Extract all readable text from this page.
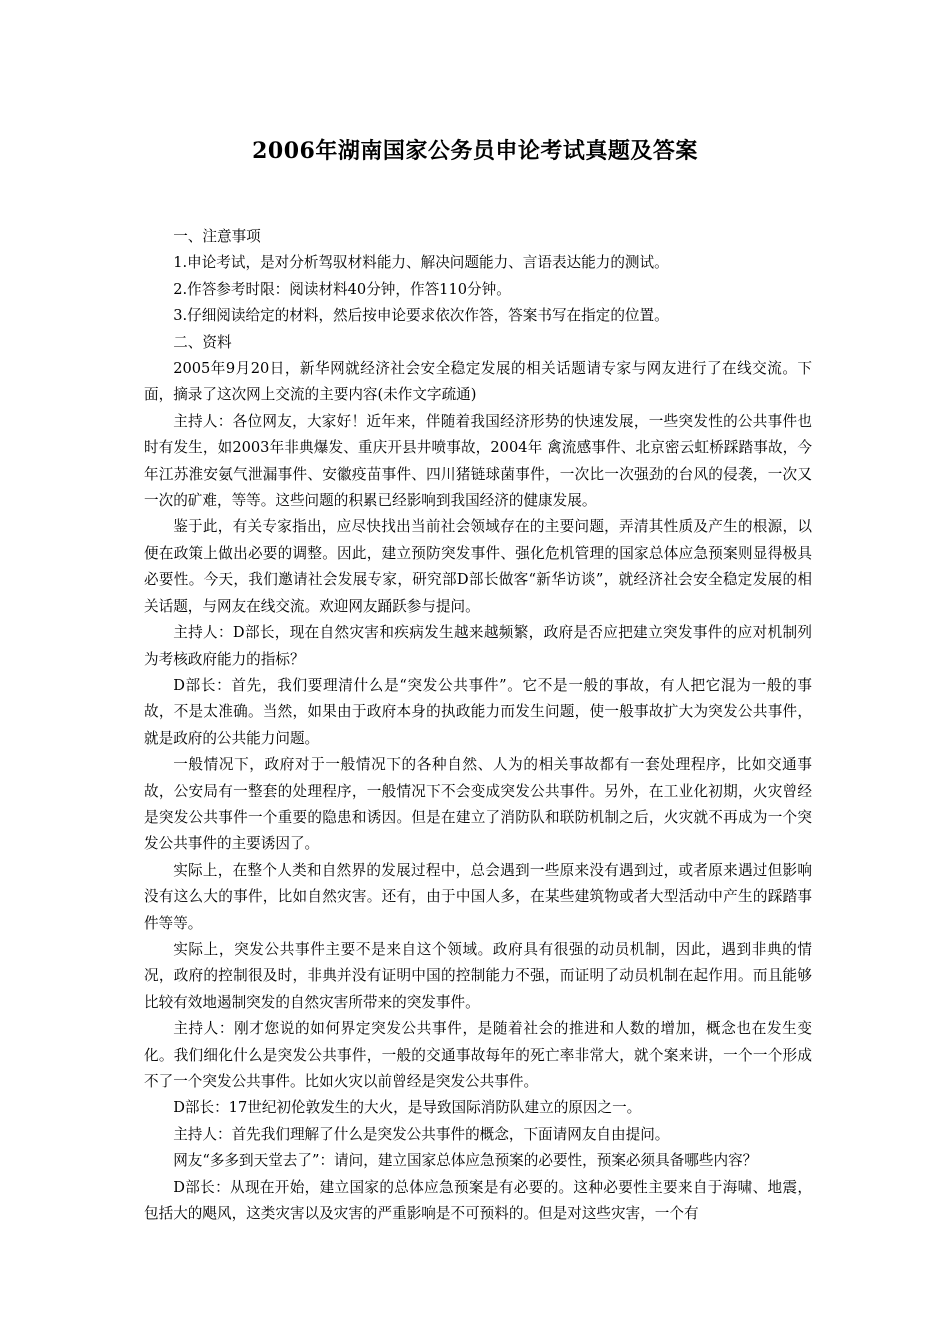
2006年湖南国家公务员申论考试真题及答案

一、注意事项

1.申论考试，是对分析驾驭材料能力、解决问题能力、言语表达能力的测试。

2.作答参考时限：阅读材料40分钟，作答110分钟。

3.仔细阅读给定的材料，然后按申论要求依次作答，答案书写在指定的位置。

二、资料

2005年9月20日，新华网就经济社会安全稳定发展的相关话题请专家与网友进行了在线交流。下面，摘录了这次网上交流的主要内容(未作文字疏通)

主持人：各位网友，大家好！近年来，伴随着我国经济形势的快速发展，一些突发性的公共事件也时有发生，如2003年非典爆发、重庆开县井喷事故，2004年 禽流感事件、北京密云虹桥踩踏事故，今年江苏淮安氨气泄漏事件、安徽疫苗事件、四川猪链球菌事件，一次比一次强劲的台风的侵袭，一次又一次的矿难，等等。这些问题的积累已经影响到我国经济的健康发展。

鉴于此，有关专家指出，应尽快找出当前社会领域存在的主要问题，弄清其性质及产生的根源，以便在政策上做出必要的调整。因此，建立预防突发事件、强化危机管理的国家总体应急预案则显得极具必要性。今天，我们邀请社会发展专家，研究部D部长做客“新华访谈”，就经济社会安全稳定发展的相关话题，与网友在线交流。欢迎网友踊跃参与提问。

主持人：D部长，现在自然灾害和疾病发生越来越频繁，政府是否应把建立突发事件的应对机制列为考核政府能力的指标？

D部长：首先，我们要理清什么是“突发公共事件”。它不是一般的事故，有人把它混为一般的事故，不是太准确。当然，如果由于政府本身的执政能力而发生问题，使一般事故扩大为突发公共事件， 就是政府的公共能力问题。

一般情况下，政府对于一般情况下的各种自然、人为的相关事故都有一套处理程序，比如交通事故，公安局有一整套的处理程序，一般情况下不会变成突发公共事件。另外，在工业化初期，火灾曾经是突发公共事件一个重要的隐患和诱因。但是在建立了消防队和联防机制之后，火灾就不再成为一个突发公共事件的主要诱因了。

实际上，在整个人类和自然界的发展过程中，总会遇到一些原来没有遇到过，或者原来遇过但影响没有这么大的事件，比如自然灾害。还有，由于中国人多，在某些建筑物或者大型活动中产生的踩踏事件等等。

实际上，突发公共事件主要不是来自这个领域。政府具有很强的动员机制，因此，遇到非典的情况，政府的控制很及时，非典并没有证明中国的控制能力不强，而证明了动员机制在起作用。而且能够比较有效地遏制突发的自然灾害所带来的突发事件。

主持人：刚才您说的如何界定突发公共事件，是随着社会的推进和人数的增加，概念也在发生变化。我们细化什么是突发公共事件，一般的交通事故每年的死亡率非常大，就个案来讲，一个一个形成不了一个突发公共事件。比如火灾以前曾经是突发公共事件。

D部长：17世纪初伦敦发生的大火，是导致国际消防队建立的原因之一。

主持人：首先我们理解了什么是突发公共事件的概念，下面请网友自由提问。

网友“多多到天堂去了”：请问，建立国家总体应急预案的必要性，预案必须具备哪些内容？

D部长：从现在开始，建立国家的总体应急预案是有必要的。这种必要性主要来自于海啸、地震，包括大的飓风，这类灾害以及灾害的严重影响是不可预料的。但是对这些灾害，一个有
